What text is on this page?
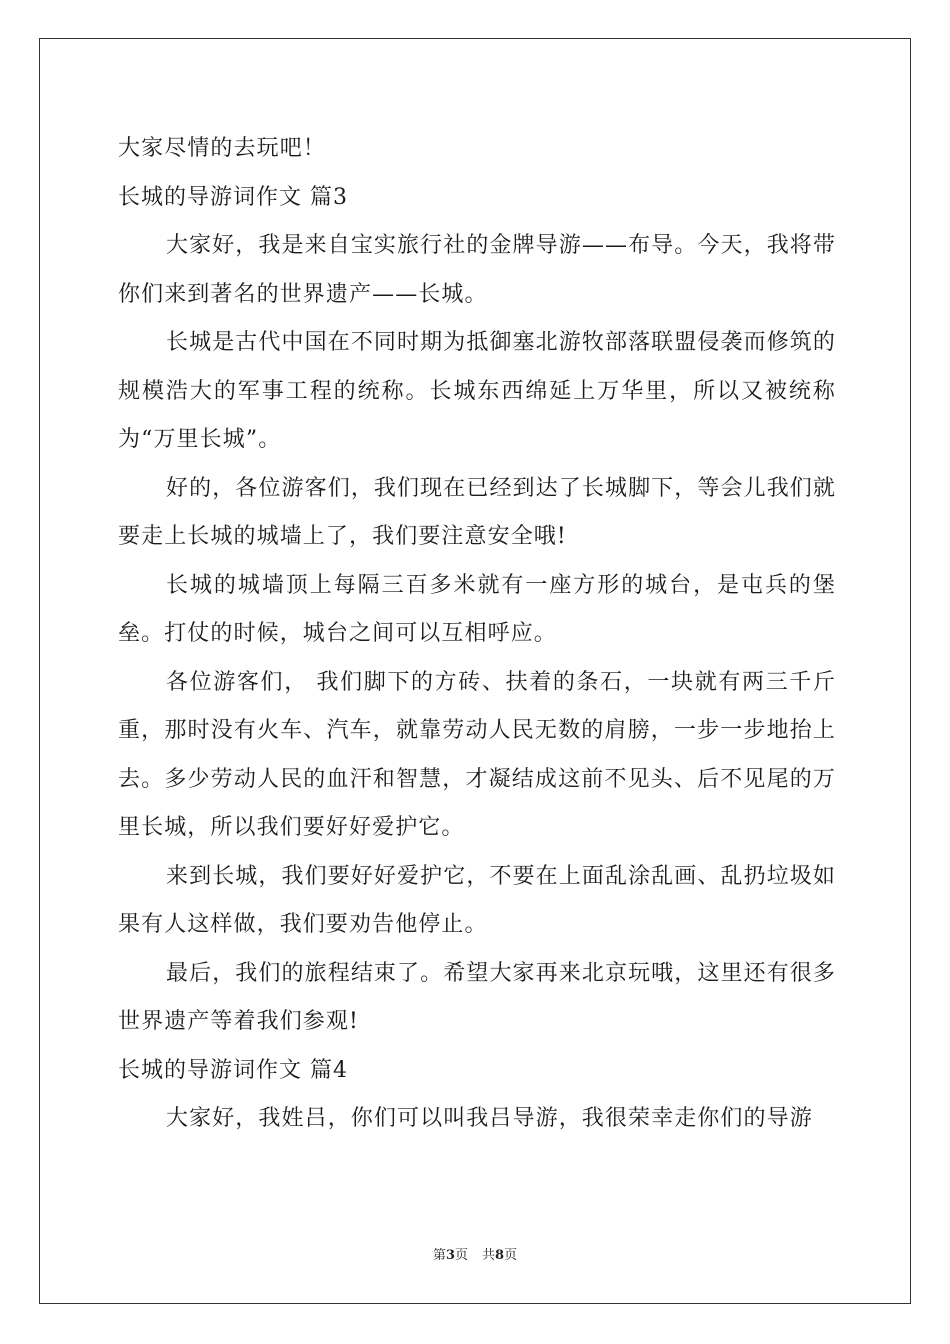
大家尽情的去玩吧！
长城的导游词作文 篇3

大家好，我是来自宝实旅行社的金牌导游——布导。今天，我将带你们来到著名的世界遗产——长城。

长城是古代中国在不同时期为抵御塞北游牧部落联盟侵袭而修筑的规模浩大的军事工程的统称。长城东西绵延上万华里，所以又被统称为“万里长城”。

好的，各位游客们，我们现在已经到达了长城脚下，等会儿我们就要走上长城的城墙上了，我们要注意安全哦!

长城的城墙顶上每隔三百多米就有一座方形的城台，是屯兵的堡垒。打仗的时候，城台之间可以互相呼应。

各位游客们， 我们脚下的方砖、扶着的条石，一块就有两三千斤重，那时没有火车、汽车，就靠劳动人民无数的肩膀，一步一步地抬上去。多少劳动人民的血汗和智慧，才凝结成这前不见头、后不见尾的万里长城，所以我们要好好爱护它。

来到长城，我们要好好爱护它，不要在上面乱涂乱画、乱扔垃圾如果有人这样做，我们要劝告他停止。

最后，我们的旅程结束了。希望大家再来北京玩哦，这里还有很多世界遗产等着我们参观!

长城的导游词作文 篇4

大家好，我姓吕，你们可以叫我吕导游，我很荣幸走你们的导游

第3页 共8页
